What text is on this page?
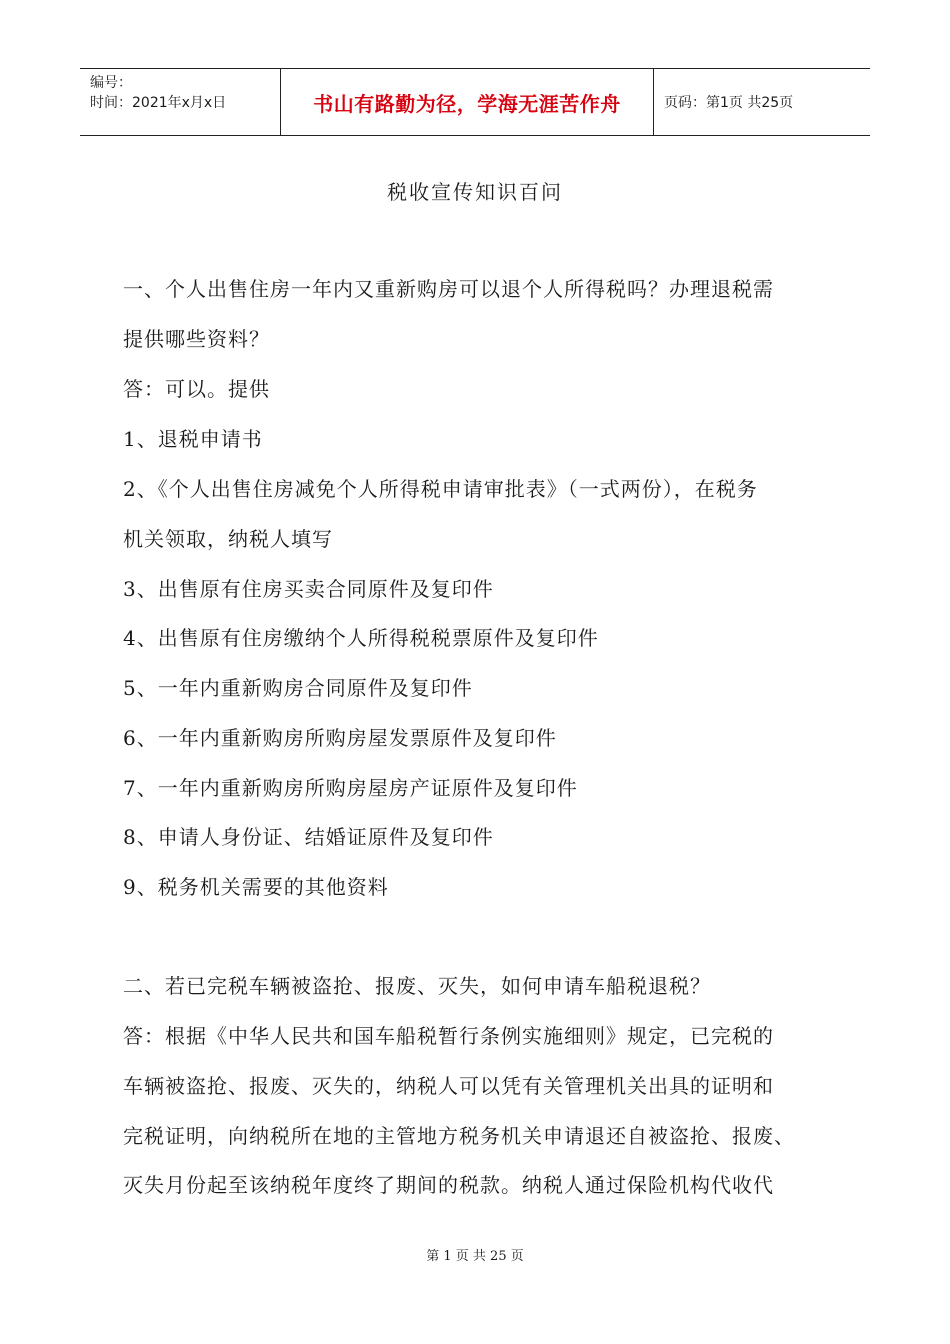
编号：
时间：2021年x月x日	书山有路勤为径，学海无涯苦作舟	页码：第1页 共25页
税收宣传知识百问
一、个人出售住房一年内又重新购房可以退个人所得税吗？办理退税需
提供哪些资料？
答：可以。提供
1、退税申请书
2、《个人出售住房减免个人所得税申请审批表》（一式两份），在税务
机关领取，纳税人填写
3、出售原有住房买卖合同原件及复印件
4、出售原有住房缴纳个人所得税税票原件及复印件
5、一年内重新购房合同原件及复印件
6、一年内重新购房所购房屋发票原件及复印件
7、一年内重新购房所购房屋房产证原件及复印件
8、申请人身份证、结婚证原件及复印件
9、税务机关需要的其他资料
二、若已完税车辆被盗抢、报废、灭失，如何申请车船税退税？
答：根据《中华人民共和国车船税暂行条例实施细则》规定，已完税的
车辆被盗抢、报废、灭失的，纳税人可以凭有关管理机关出具的证明和
完税证明，向纳税所在地的主管地方税务机关申请退还自被盗抢、报废、
灭失月份起至该纳税年度终了期间的税款。纳税人通过保险机构代收代
第 1 页 共 25 页
